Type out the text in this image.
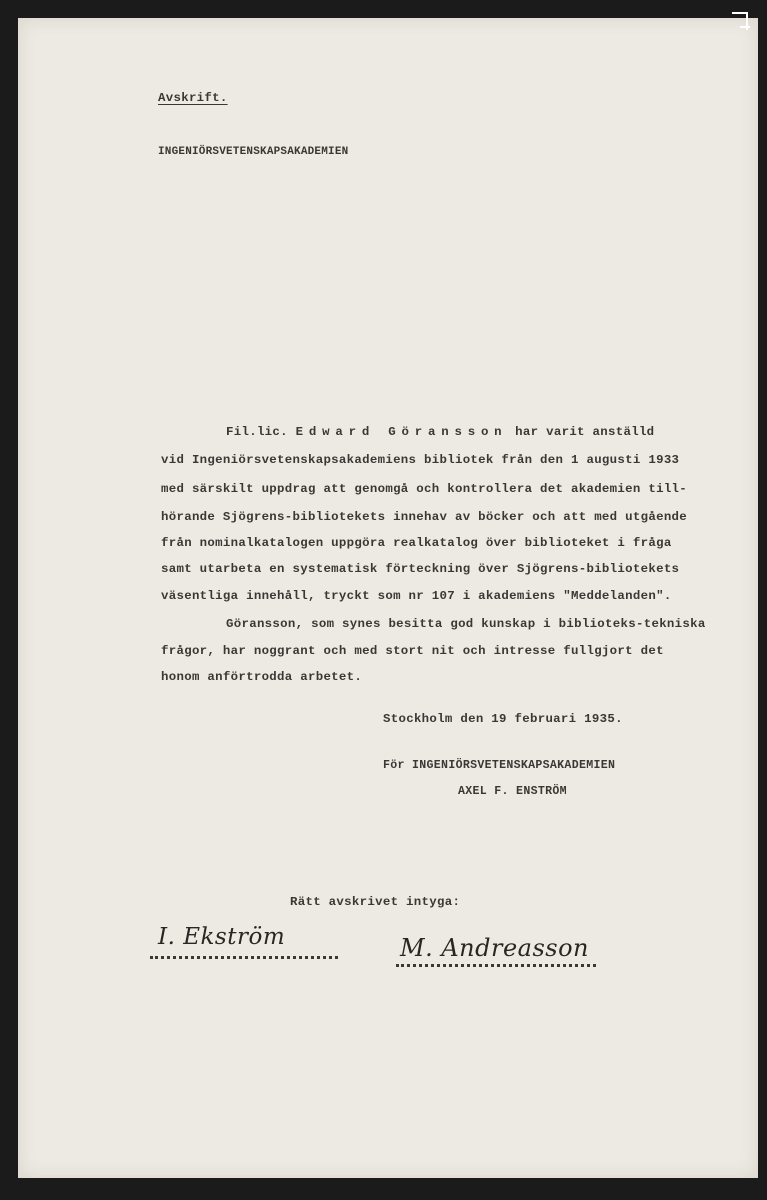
Avskrift.
INGENIÖRSVETENSKAPSAKADEMIEN
Fil.lic. Edward Göransson har varit anställd
vid Ingeniörsvetenskapsakademiens bibliotek från den 1 augusti 1933
med särskilt uppdrag att genomgå och kontrollera det akademien till-
hörande Sjögrens-bibliotekets innehav av böcker och att med utgående
från nominalkatalogen uppgöra realkatalog över biblioteket i fråga
samt utarbeta en systematisk förteckning över Sjögrens-bibliotekets
väsentliga innehåll, tryckt som nr 107 i akademiens "Meddelanden".
Göransson, som synes besitta god kunskap i biblioteks-tekniska
frågor, har noggrant och med stort nit och intresse fullgjort det
honom anförtrodda arbetet.
Stockholm den 19 februari 1935.
För INGENIÖRSVETENSKAPSAKADEMIEN
AXEL F. ENSTRÖM
Rätt avskrivet intyga:
I. Ekström	M. Andreasson
